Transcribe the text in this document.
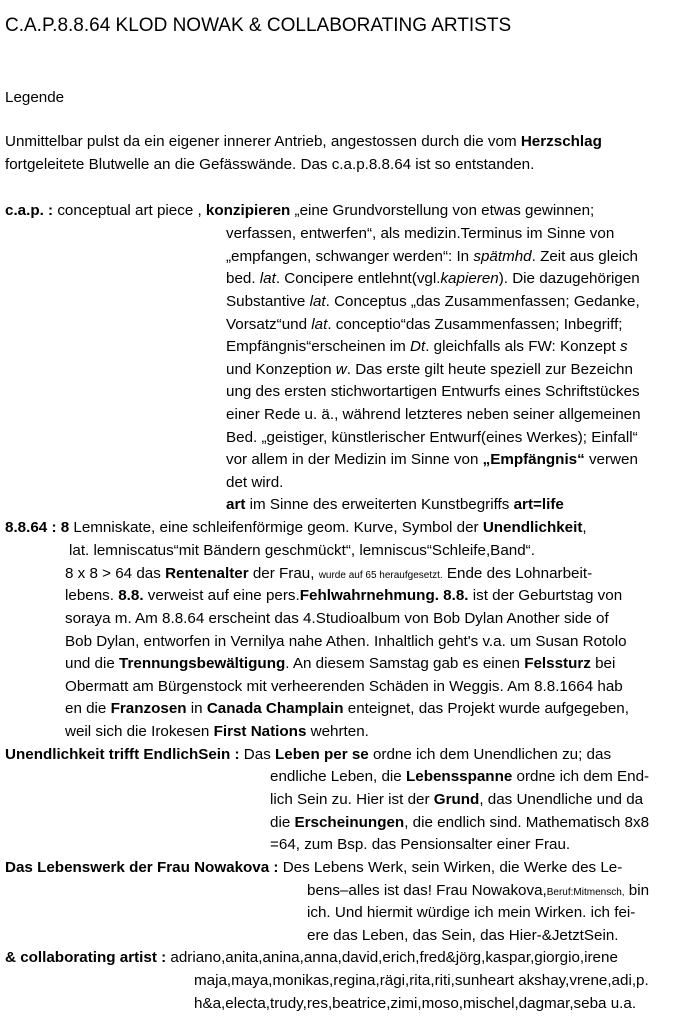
C.A.P.8.8.64 KLOD NOWAK & COLLABORATING ARTISTS
Legende
Unmittelbar pulst da ein eigener innerer Antrieb, angestossen durch die vom Herzschlag
fortgeleitete Blutwelle an die Gefässwände. Das c.a.p.8.8.64 ist so entstanden.
c.a.p. : conceptual art piece , konzipieren „eine Grundvorstellung von etwas gewinnen;
verfassen, entwerfen“, als medizin.Terminus im Sinne von
„empfangen, schwanger werden“: In spätmhd. Zeit aus gleich
bed. lat. Concipere entlehnt(vgl.kapieren). Die dazugehörigen
Substantive lat. Conceptus „das Zusammenfassen; Gedanke,
Vorsatz“und lat. conceptio“das Zusammenfassen; Inbegriff;
Empfängnis“erscheinen im Dt. gleichfalls als FW: Konzept s
und Konzeption w. Das erste gilt heute speziell zur Bezeichn
ung des ersten stichwortartigen Entwurfs eines Schriftstückes
einer Rede u. ä., während letzteres neben seiner allgemeinen
Bed. „geistiger, künstlerischer Entwurf(eines Werkes); Einfall“
vor allem in der Medizin im Sinne von „Empfängnis“ verwen
det wird.
art im Sinne des erweiterten Kunstbegriffs art=life
8.8.64 : 8 Lemniskate, eine schleifenförmige geom. Kurve, Symbol der Unendlichkeit,
lat. lemniscatus“mit Bändern geschmückt“, lemniscus“Schleife,Band“.
8 x 8 > 64 das Rentenalter der Frau, wurde auf 65 heraufgesetzt. Ende des Lohnarbeit-
lebens. 8.8. verweist auf eine pers.Fehlwahrnehmung. 8.8. ist der Geburtstag von
soraya m. Am 8.8.64 erscheint das 4.Studioalbum von Bob Dylan Another side of
Bob Dylan, entworfen in Vernilya nahe Athen. Inhaltlich geht's v.a. um Susan Rotolo
und die Trennungsbewältigung. An diesem Samstag gab es einen Felssturz bei
Obermatt am Bürgenstock mit verheerenden Schäden in Weggis. Am 8.8.1664 hab
en die Franzosen in Canada Champlain enteignet, das Projekt wurde aufgegeben,
weil sich die Irokesen First Nations wehrten.
Unendlichkeit trifft EndlichSein : Das Leben per se ordne ich dem Unendlichen zu; das
endliche Leben, die Lebensspanne ordne ich dem End-
lich Sein zu. Hier ist der Grund, das Unendliche und da
die Erscheinungen, die endlich sind. Mathematisch 8x8
=64, zum Bsp. das Pensionsalter einer Frau.
Das Lebenswerk der Frau Nowakova : Des Lebens Werk, sein Wirken, die Werke des Le-
bens–alles ist das! Frau Nowakova,Beruf:Mitmensch, bin
ich. Und hiermit würdige ich mein Wirken. ich fei-
ere das Leben, das Sein, das Hier-&JetztSein.
& collaborating artist : adriano,anita,anina,anna,david,erich,fred&jörg,kaspar,giorgio,irene
maja,maya,monikas,regina,rägi,rita,riti,sunheart akshay,vrene,adi,p.
h&a,electa,trudy,res,beatrice,zimi,moso,mischel,dagmar,seba u.a.
